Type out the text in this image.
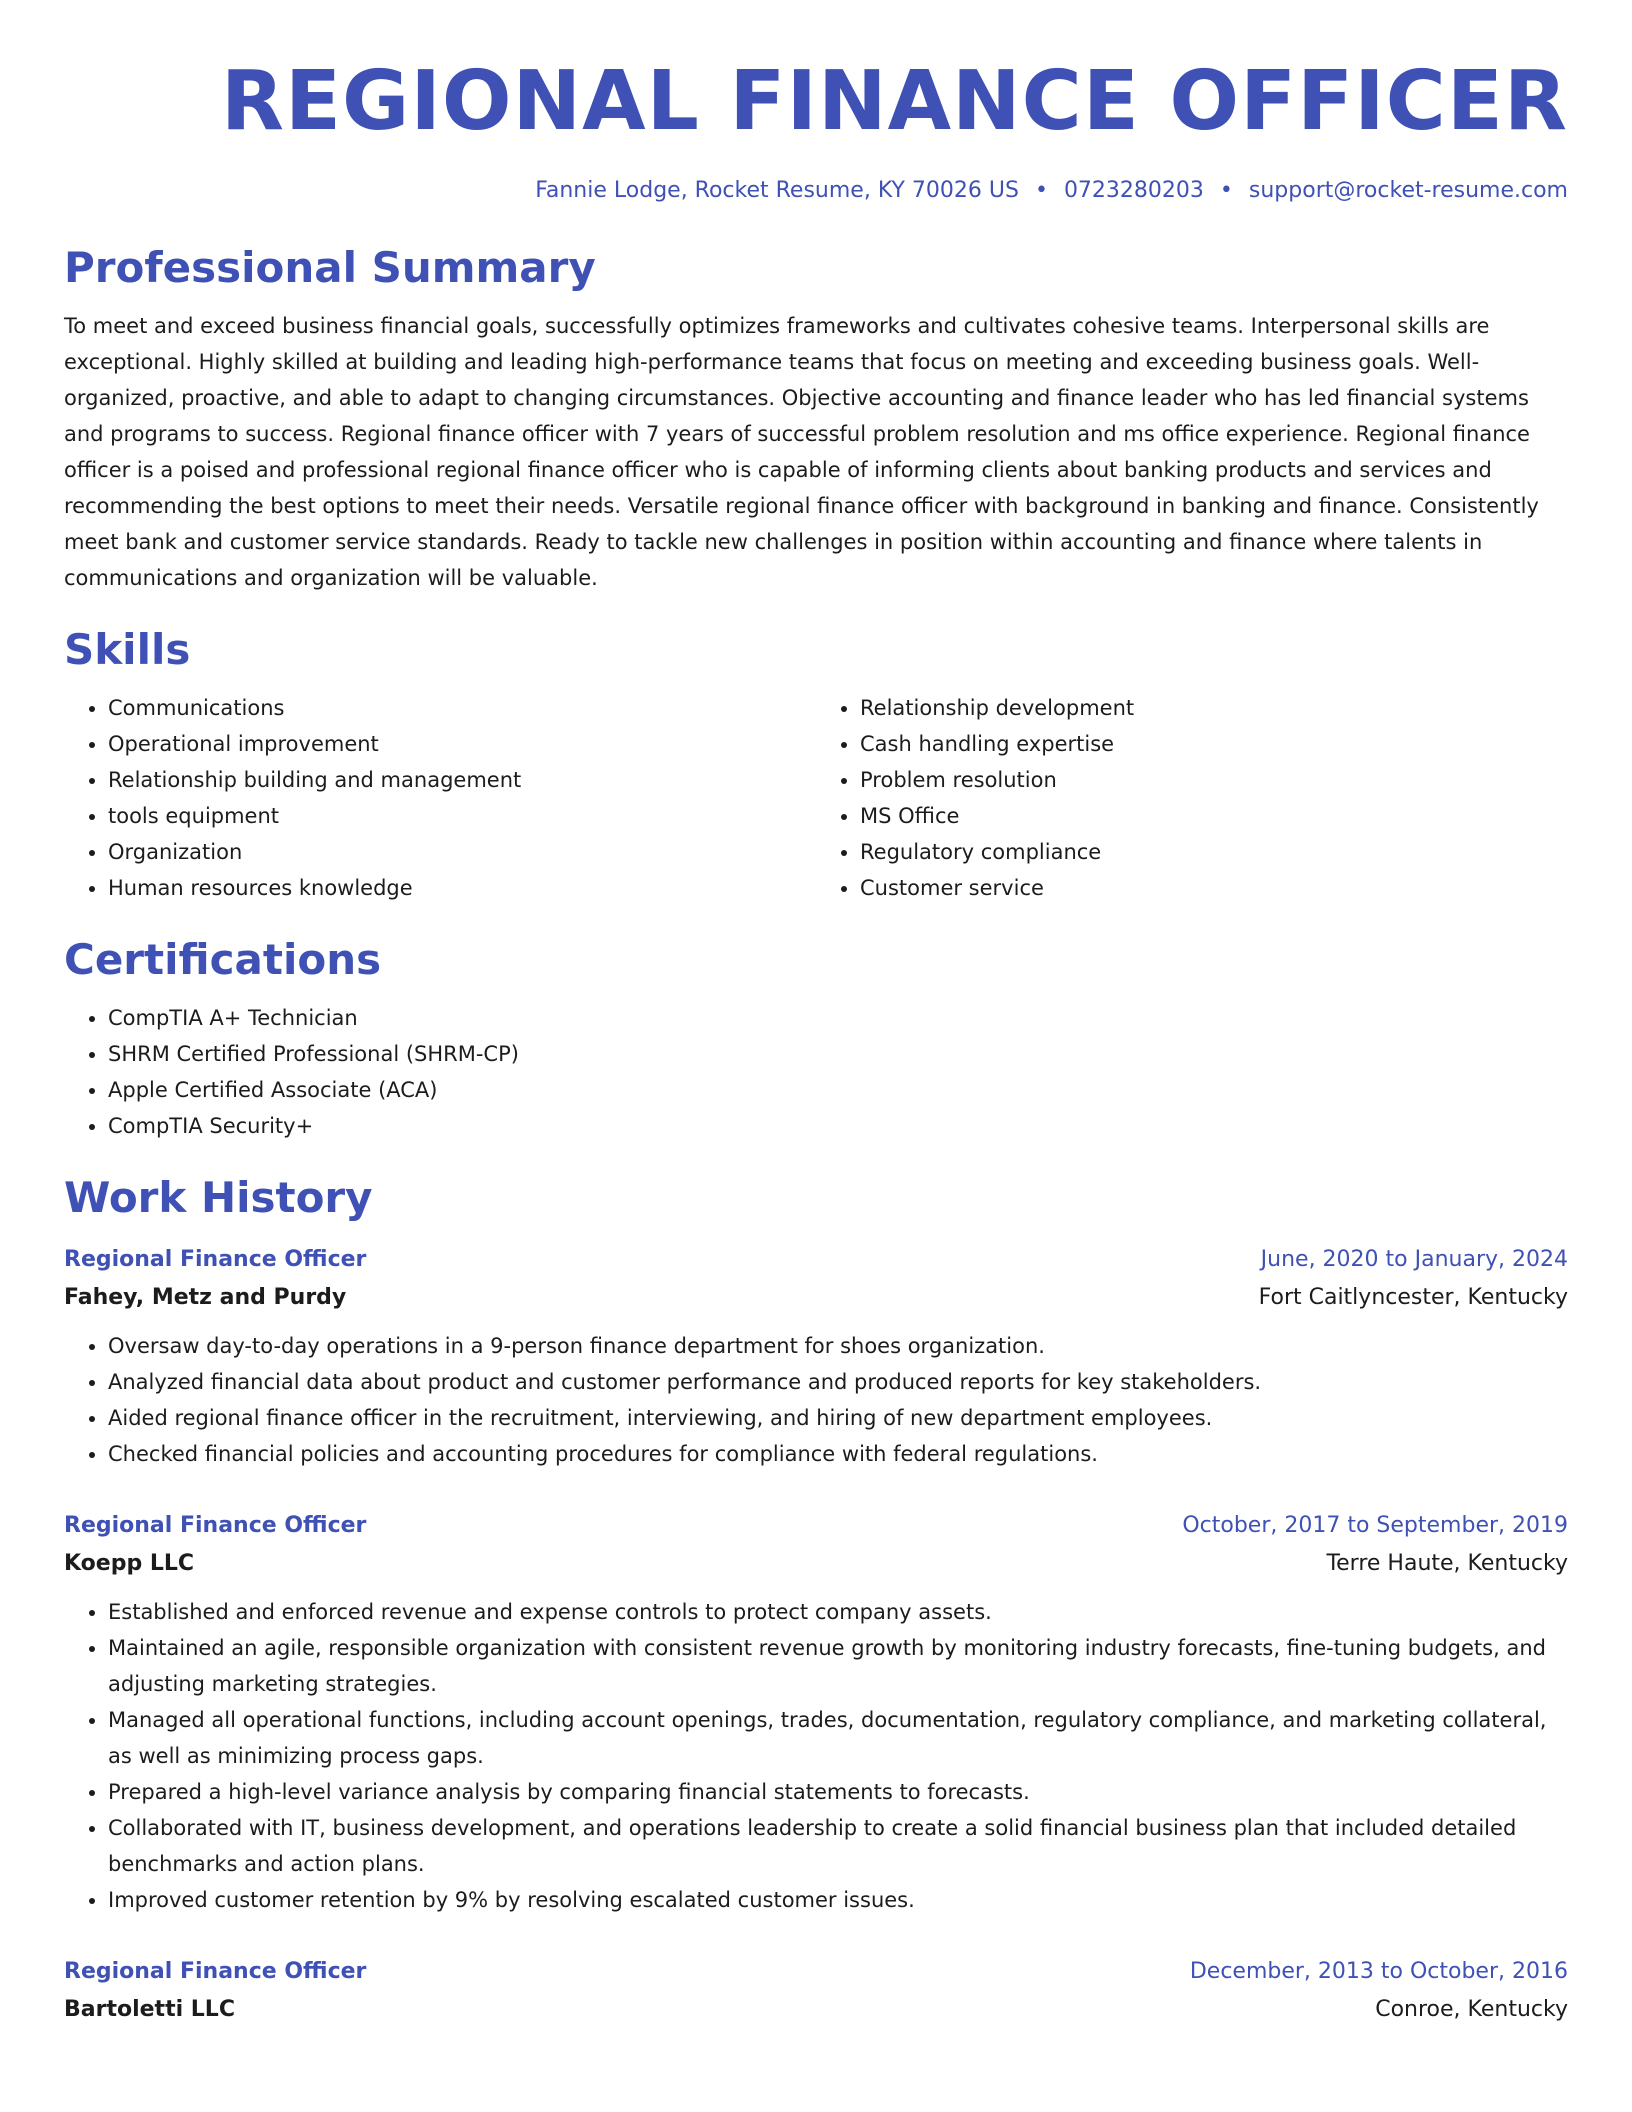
REGIONAL FINANCE OFFICER
Fannie Lodge, Rocket Resume, KY 70026 US • 0723280203 • support@rocket-resume.com
Professional Summary

To meet and exceed business financial goals, successfully optimizes frameworks and cultivates cohesive teams. Interpersonal skills are exceptional. Highly skilled at building and leading high-performance teams that focus on meeting and exceeding business goals. Well-organized, proactive, and able to adapt to changing circumstances. Objective accounting and finance leader who has led financial systems and programs to success. Regional finance officer with 7 years of successful problem resolution and ms office experience. Regional finance officer is a poised and professional regional finance officer who is capable of informing clients about banking products and services and recommending the best options to meet their needs. Versatile regional finance officer with background in banking and finance. Consistently meet bank and customer service standards. Ready to tackle new challenges in position within accounting and finance where talents in communications and organization will be valuable.

Skills
• Communications
• Operational improvement
• Relationship building and management
• tools equipment
• Organization
• Human resources knowledge
• Relationship development
• Cash handling expertise
• Problem resolution
• MS Office
• Regulatory compliance
• Customer service
Certifications
• CompTIA A+ Technician
• SHRM Certified Professional (SHRM-CP)
• Apple Certified Associate (ACA)
• CompTIA Security+
Work History
Regional Finance Officer	June, 2020 to January, 2024
Fahey, Metz and Purdy	Fort Caitlyncester, Kentucky
• Oversaw day-to-day operations in a 9-person finance department for shoes organization.
• Analyzed financial data about product and customer performance and produced reports for key stakeholders.
• Aided regional finance officer in the recruitment, interviewing, and hiring of new department employees.
• Checked financial policies and accounting procedures for compliance with federal regulations.
Regional Finance Officer	October, 2017 to September, 2019
Koepp LLC	Terre Haute, Kentucky
• Established and enforced revenue and expense controls to protect company assets.
• Maintained an agile, responsible organization with consistent revenue growth by monitoring industry forecasts, fine-tuning budgets, and adjusting marketing strategies.
• Managed all operational functions, including account openings, trades, documentation, regulatory compliance, and marketing collateral, as well as minimizing process gaps.
• Prepared a high-level variance analysis by comparing financial statements to forecasts.
• Collaborated with IT, business development, and operations leadership to create a solid financial business plan that included detailed benchmarks and action plans.
• Improved customer retention by 9% by resolving escalated customer issues.
Regional Finance Officer	December, 2013 to October, 2016
Bartoletti LLC	Conroe, Kentucky
